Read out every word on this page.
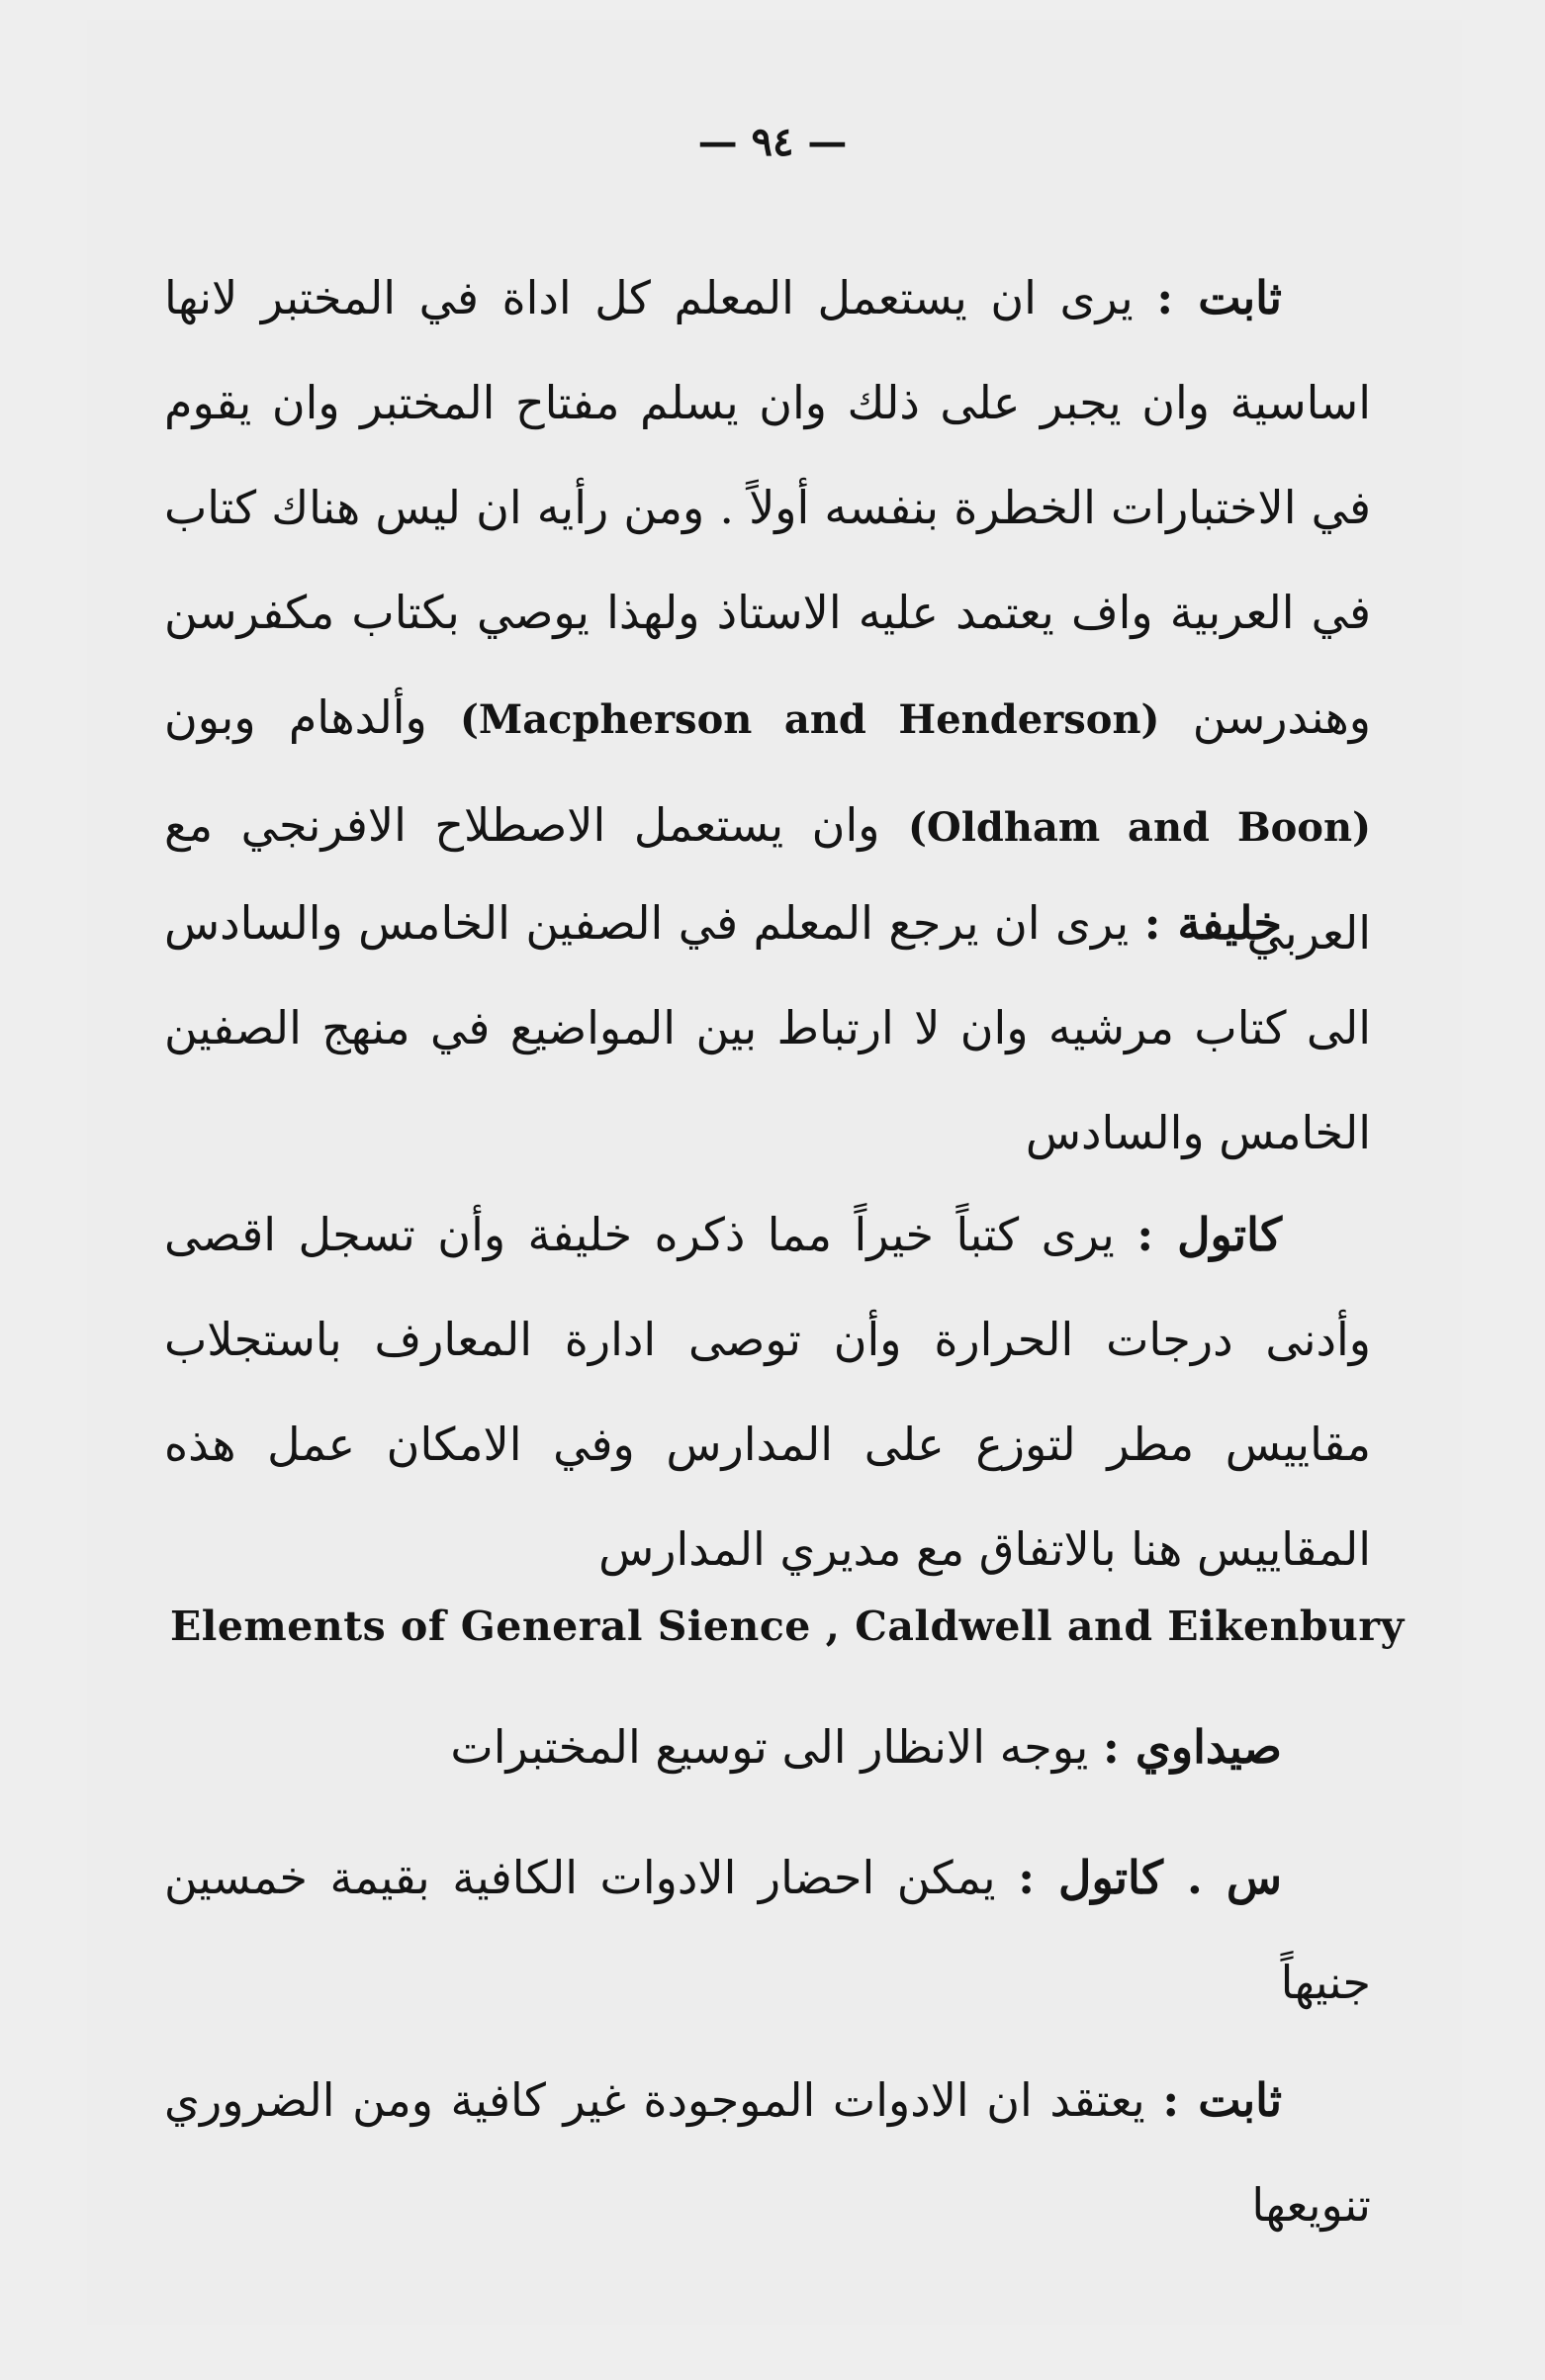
— ٩٤ —
ثابت : يرى ان يستعمل المعلم كل اداة في المختبر لانها اساسية وان يجبر على ذلك وان يسلم مفتاح المختبر وان يقوم في الاختبارات الخطرة بنفسه أولاً . ومن رأيه ان ليس هناك كتاب في العربية واف يعتمد عليه الاستاذ ولهذا يوصي بكتاب مكفرسن وهندرسن (Macpherson and Henderson) وألدهام وبون (Oldham and Boon) وان يستعمل الاصطلاح الافرنجي مع العربي
خليفة : يرى ان يرجع المعلم في الصفين الخامس والسادس الى كتاب مرشيه وان لا ارتباط بين المواضيع في منهج الصفين الخامس والسادس
كاتول : يرى كتباً خيراً مما ذكره خليفة وأن تسجل اقصى وأدنى درجات الحرارة وأن توصى ادارة المعارف باستجلاب مقاييس مطر لتوزع على المدارس وفي الامكان عمل هذه المقاييس هنا بالاتفاق مع مديري المدارس
Elements of General Sience , Caldwell and Eikenbury
صيداوي : يوجه الانظار الى توسيع المختبرات
س . كاتول : يمكن احضار الادوات الكافية بقيمة خمسين جنيهاً
ثابت : يعتقد ان الادوات الموجودة غير كافية ومن الضروري تنويعها
